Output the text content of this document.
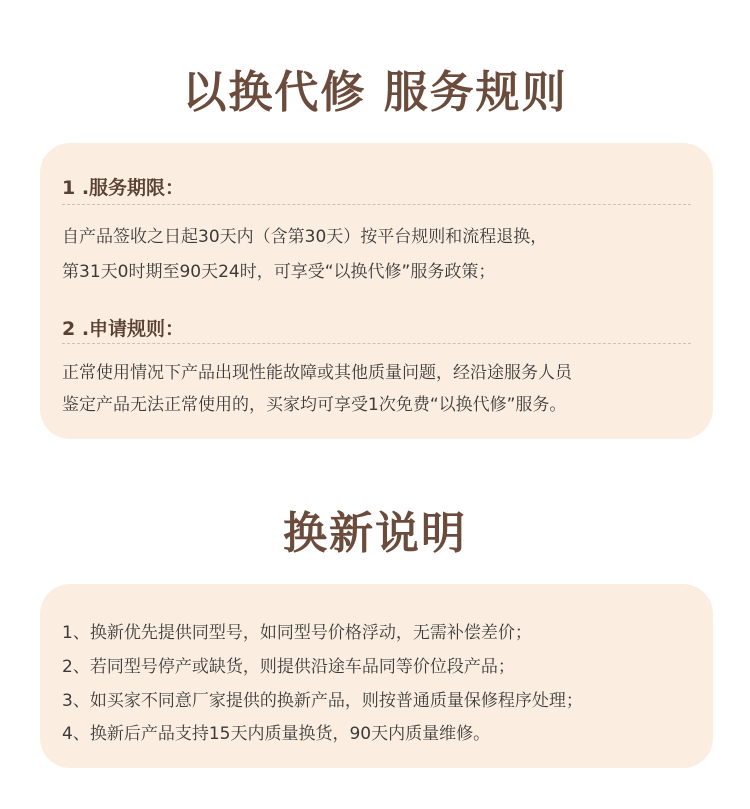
以换代修 服务规则
1 .服务期限：
自产品签收之日起30天内（含第30天）按平台规则和流程退换，
第31天0时期至90天24时，可享受“以换代修”服务政策；
2 .申请规则：
正常使用情况下产品出现性能故障或其他质量问题，经沿途服务人员
鉴定产品无法正常使用的，买家均可享受1次免费“以换代修”服务。
换新说明
1、换新优先提供同型号，如同型号价格浮动，无需补偿差价；
2、若同型号停产或缺货，则提供沿途车品同等价位段产品；
3、如买家不同意厂家提供的换新产品，则按普通质量保修程序处理；
4、换新后产品支持15天内质量换货，90天内质量维修。
